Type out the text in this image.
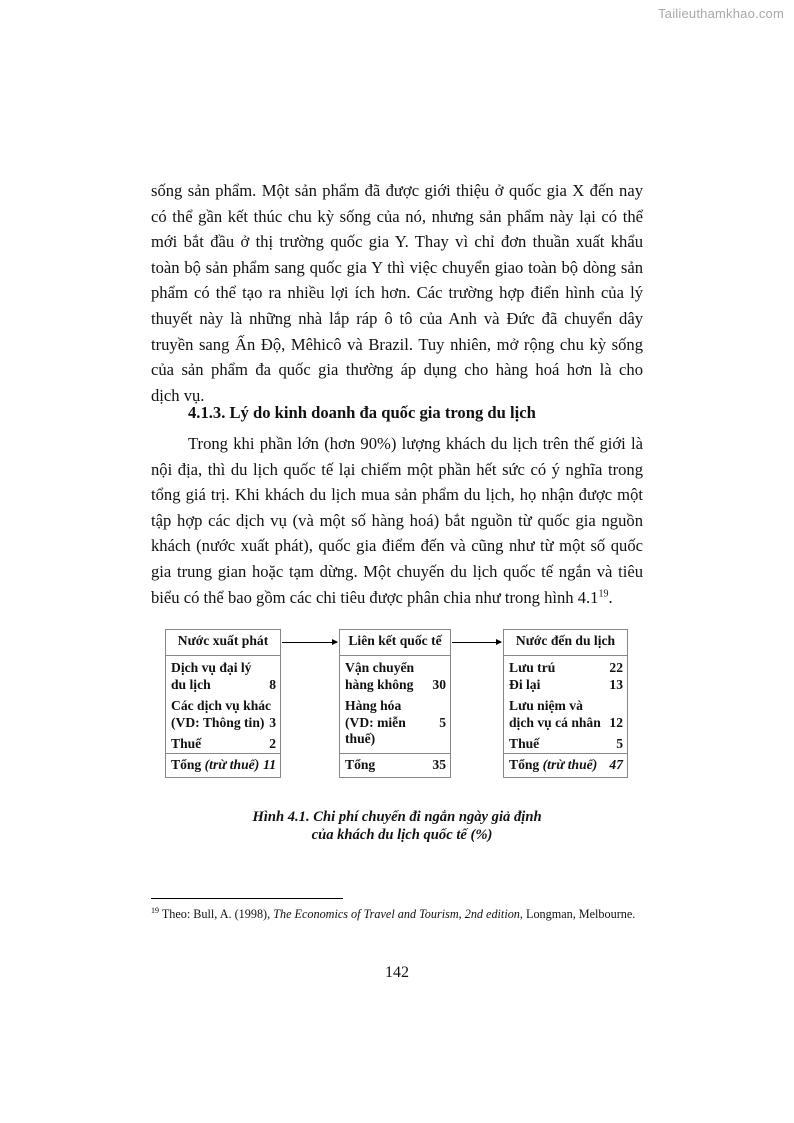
Tailieuthamkhao.com
sống sản phẩm. Một sản phẩm đã được giới thiệu ở quốc gia X đến nay
có thể gần kết thúc chu kỳ sống của nó, nhưng sản phẩm này lại có thể
mới bắt đầu ở thị trường quốc gia Y. Thay vì chỉ đơn thuần xuất khẩu
toàn bộ sản phẩm sang quốc gia Y thì việc chuyển giao toàn bộ dòng sản
phẩm có thể tạo ra nhiều lợi ích hơn. Các trường hợp điển hình của lý
thuyết này là những nhà lắp ráp ô tô của Anh và Đức đã chuyển dây
truyền sang Ấn Độ, Mêhicô và Brazil. Tuy nhiên, mở rộng chu kỳ sống
của sản phẩm đa quốc gia thường áp dụng cho hàng hoá hơn là cho
dịch vụ.
4.1.3. Lý do kinh doanh đa quốc gia trong du lịch
Trong khi phần lớn (hơn 90%) lượng khách du lịch trên thế giới là
nội địa, thì du lịch quốc tế lại chiếm một phần hết sức có ý nghĩa trong
tổng giá trị. Khi khách du lịch mua sản phẩm du lịch, họ nhận được một
tập hợp các dịch vụ (và một số hàng hoá) bắt nguồn từ quốc gia nguồn
khách (nước xuất phát), quốc gia điểm đến và cũng như từ một số quốc
gia trung gian hoặc tạm dừng. Một chuyến du lịch quốc tế ngắn và tiêu
biểu có thể bao gồm các chi tiêu được phân chia như trong hình $4.1^{19}$.
Nước xuất phát
Dịch vụ đại lý
du lịch	8
Các dịch vụ khác
(VD: Thông tin) 3
Thuế	2
Tổng (trừ thuế) 11
Liên kết quốc tế
Vận chuyển
hàng không 30
Hàng hóa
(VD: miễn thuế)
5
Tổng	35
Nước đến du lịch
Lưu trú	22
Đi lại	13
Lưu niệm và
dịch vụ cá nhân 12
Thuế	5
Tổng (trừ thuế) 47
Hình 4.1. Chi phí chuyến đi ngắn ngày giả định
của khách du lịch quốc tế (%)
$^{19}$ Theo: Bull, A. (1998), The Economics of Travel and Tourism, 2nd edition, Longman, Melbourne.
142
